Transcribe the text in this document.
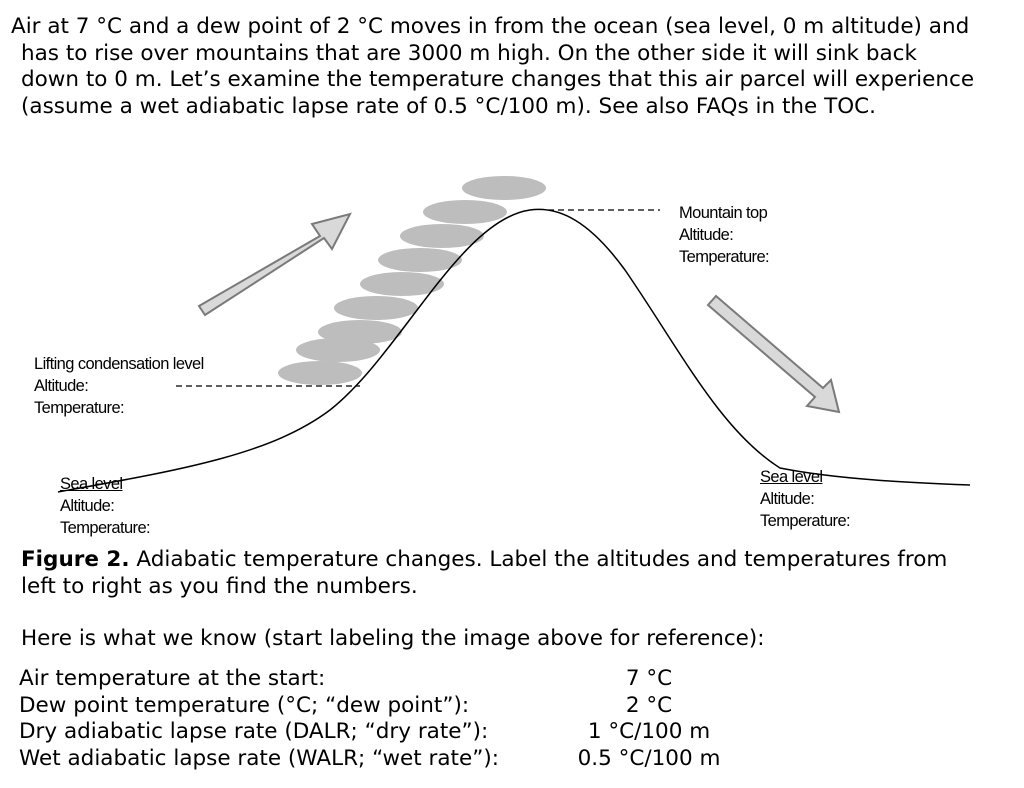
Air at 7 °C and a dew point of 2 °C moves in from the ocean (sea level, 0 m altitude) and
has to rise over mountains that are 3000 m high. On the other side it will sink back
down to 0 m. Let’s examine the temperature changes that this air parcel will experience
(assume a wet adiabatic lapse rate of 0.5 °C/100 m). See also FAQs in the TOC.
Mountain top
Altitude:
Temperature:
Lifting condensation level
Altitude:
Temperature:
Sea level
Altitude:
Temperature:
Sea level
Altitude:
Temperature:

Figure 2. Adiabatic temperature changes. Label the altitudes and temperatures from
left to right as you find the numbers.

Here is what we know (start labeling the image above for reference):
Air temperature at the start:	7 °C
Dew point temperature (°C; “dew point”):	2 °C
Dry adiabatic lapse rate (DALR; “dry rate”):	1 °C/100 m
Wet adiabatic lapse rate (WALR; “wet rate”):	0.5 °C/100 m
